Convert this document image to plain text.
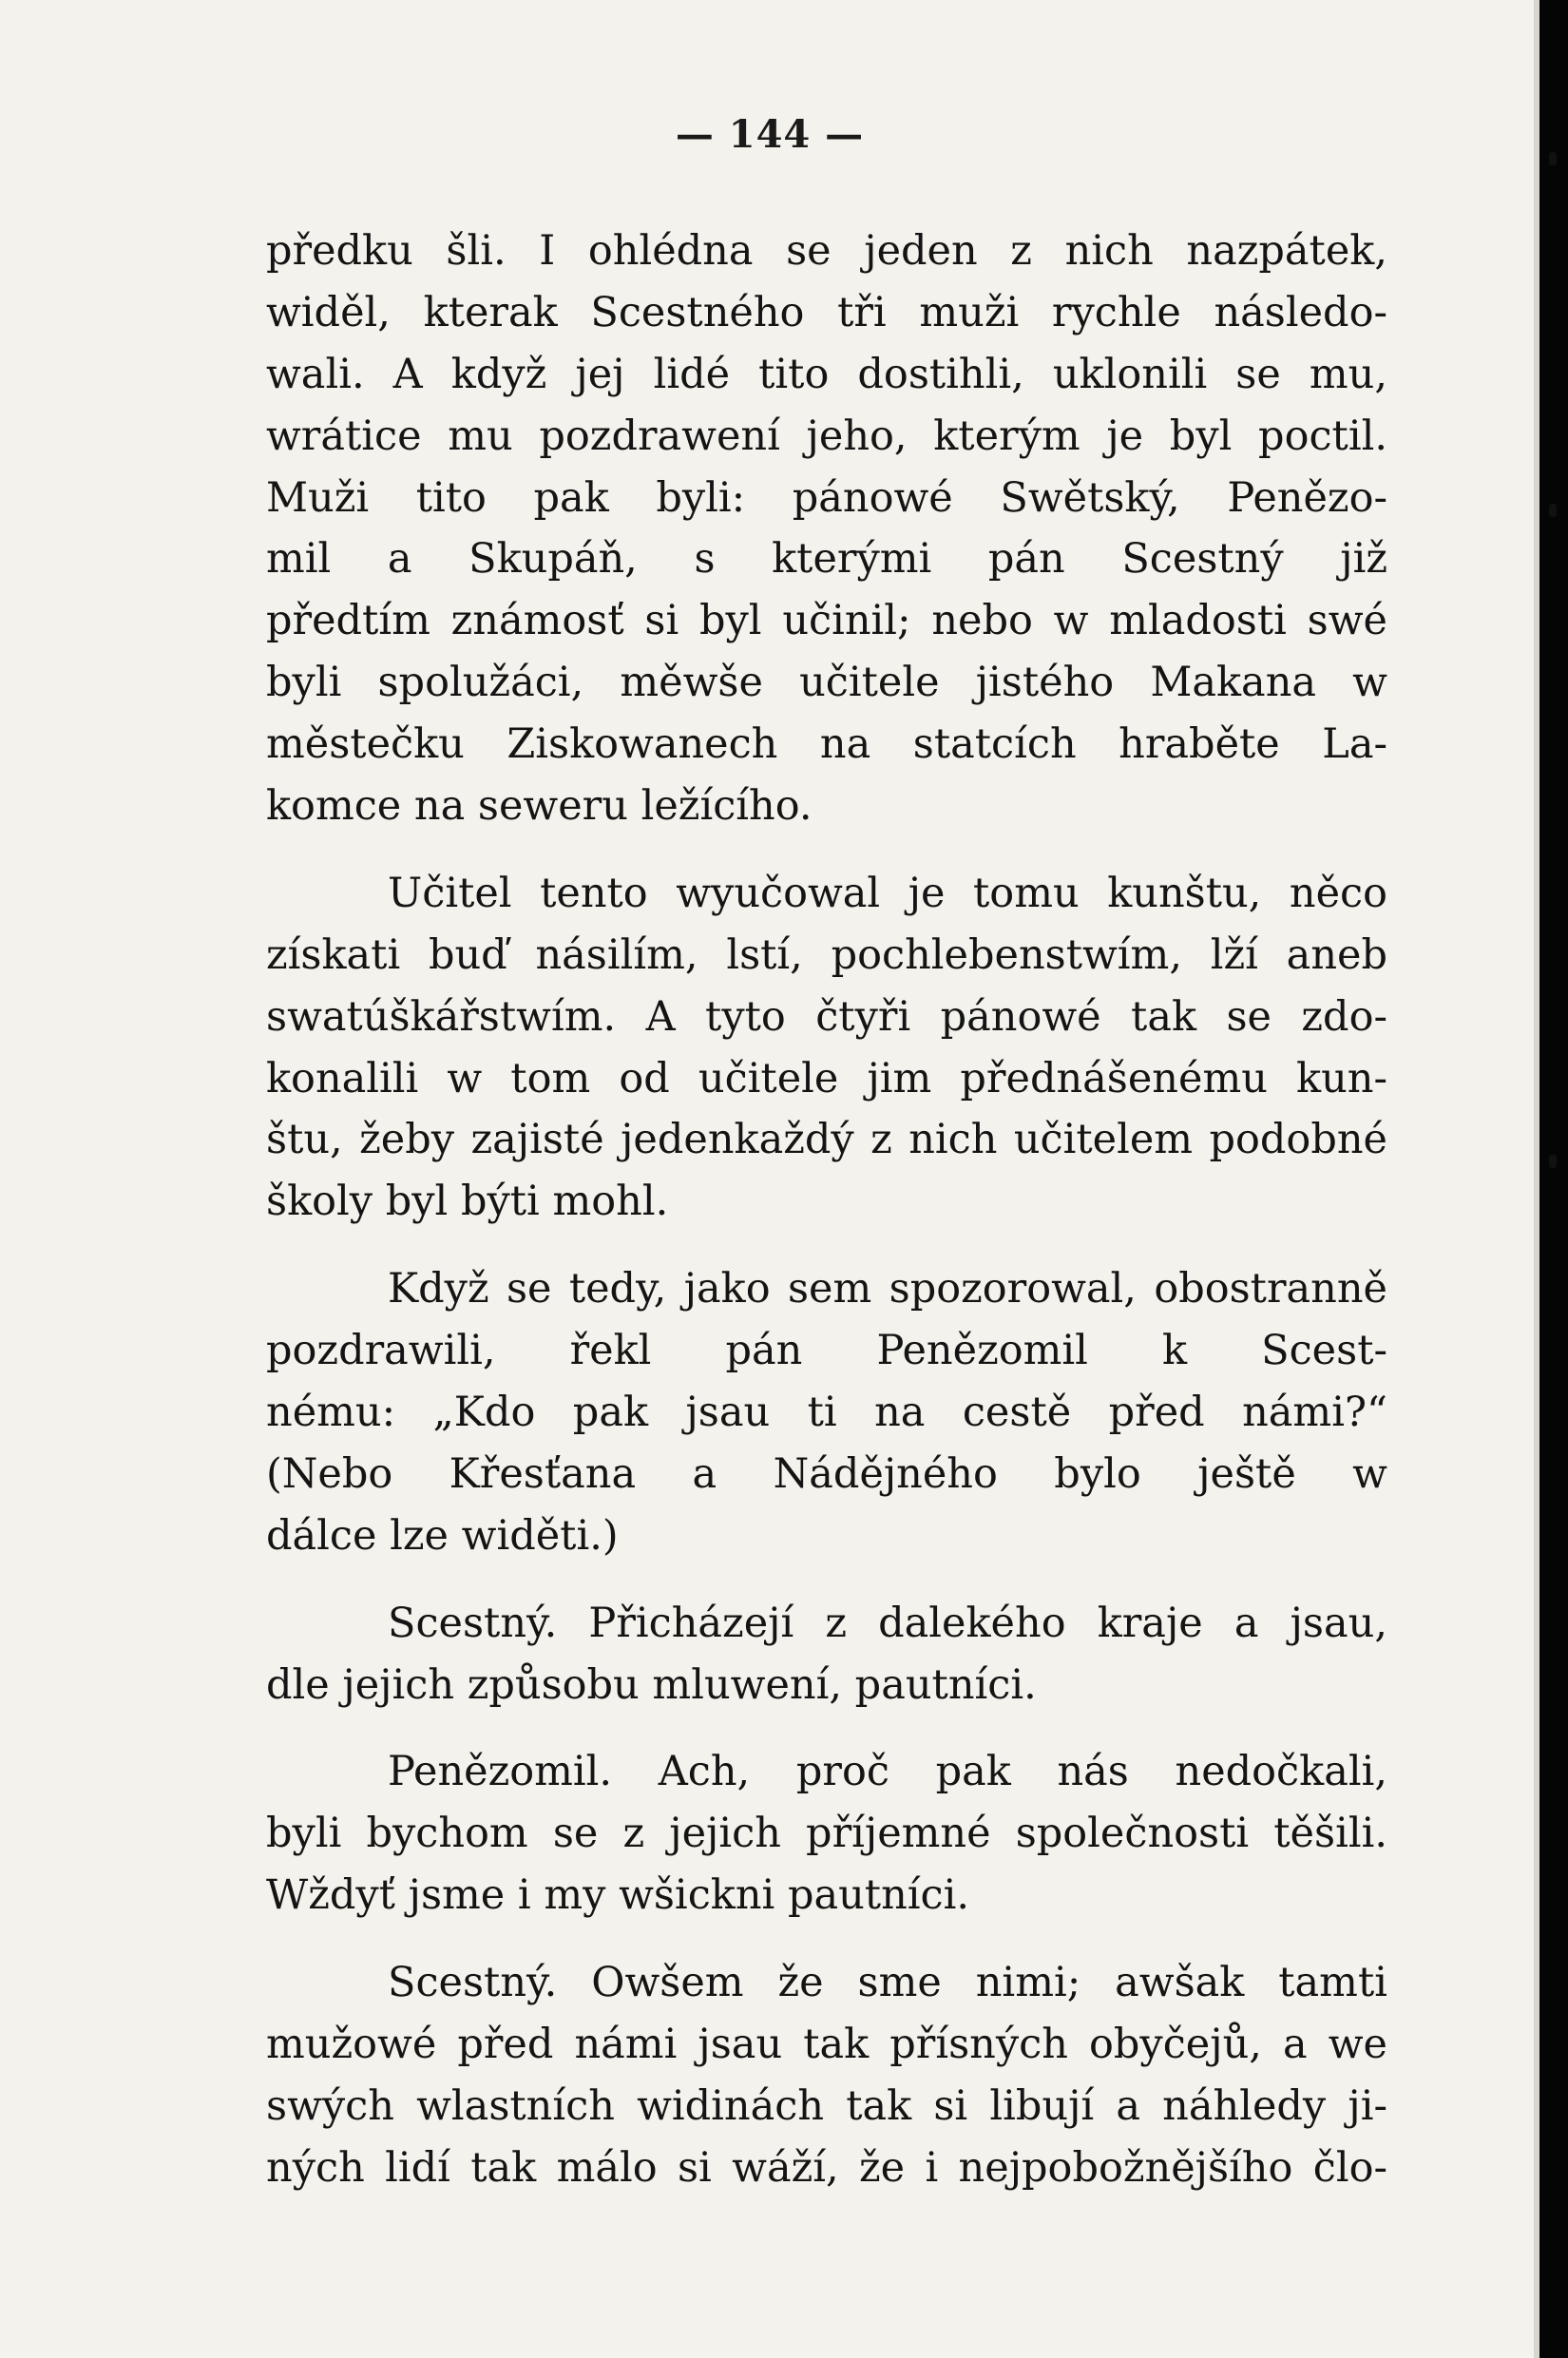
— 144 —
předku šli. I ohlédna se jeden z nich nazpátek,
widěl, kterak Scestného tři muži rychle následo-
wali. A když jej lidé tito dostihli, uklonili se mu,
wrátice mu pozdrawení jeho, kterým je byl poctil.
Muži tito pak byli: pánowé Swětský, Penězo-
mil a Skupáň, s kterými pán Scestný již
předtím známosť si byl učinil; nebo w mladosti swé
byli spolužáci, měwše učitele jistého Makana w
městečku Ziskowanech na statcích hraběte La-
komce na sewеru ležícího.
Učitel tento wyučowal je tomu kunštu, něco
získati buď násilím, lstí, pochlebenstwím, lží aneb
swatúškářstwím. A tyto čtyři pánowé tak se zdo-
konalili w tom od učitele jim přednášenému kun-
štu, žeby zajisté jedenkaždý z nich učitelem podobné
školy byl býti mohl.
Když se tedy, jako sem spozorowal, obostranně
pozdrawili, řekl pán Penězomil k Scest-
nému: „Kdo pak jsau ti na cestě před námi?“
(Nebo Křesťana a Nádějného bylo ještě w
dálce lze widěti.)
Scestný. Přicházejí z dalekého kraje a jsau,
dle jejich způsobu mluwení, pautníci.
Penězomil. Ach, proč pak nás nedočkali,
byli bychom se z jejich příjemné společnosti těšili.
Wždyť jsme i my wšickni pautníci.
Scestný. Owšem že sme nimi; awšak tamti
mužowé před námi jsau tak přísných obyčejů, a we
swých wlastních widinách tak si libují a náhledy ji-
ných lidí tak málo si wáží, že i nejpobožnějšího člo-
